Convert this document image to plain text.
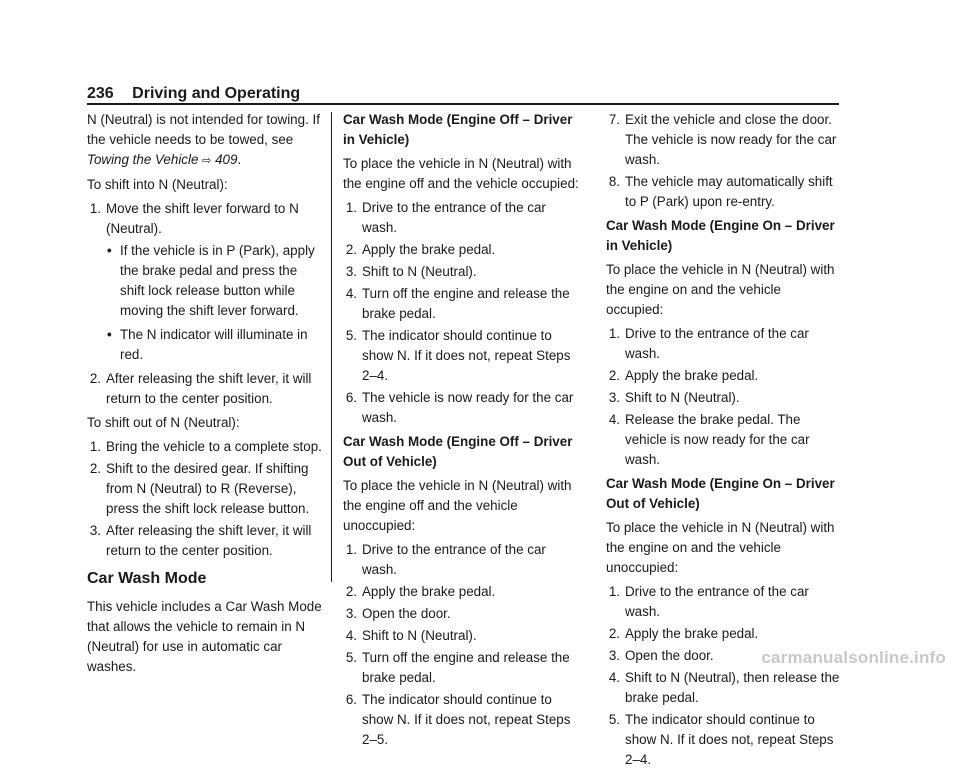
236 Driving and Operating

N (Neutral) is not intended for towing. If the vehicle needs to be towed, see Towing the Vehicle ⇨ 409.

To shift into N (Neutral):

1. Move the shift lever forward to N (Neutral).
• If the vehicle is in P (Park), apply the brake pedal and press the shift lock release button while moving the shift lever forward.
• The N indicator will illuminate in red.
2. After releasing the shift lever, it will return to the center position.

To shift out of N (Neutral):

1. Bring the vehicle to a complete stop.
2. Shift to the desired gear. If shifting from N (Neutral) to R (Reverse), press the shift lock release button.
3. After releasing the shift lever, it will return to the center position.
Car Wash Mode

This vehicle includes a Car Wash Mode that allows the vehicle to remain in N (Neutral) for use in automatic car washes.

Car Wash Mode (Engine Off – Driver in Vehicle)

To place the vehicle in N (Neutral) with the engine off and the vehicle occupied:

1. Drive to the entrance of the car wash.
2. Apply the brake pedal.
3. Shift to N (Neutral).
4. Turn off the engine and release the brake pedal.
5. The indicator should continue to show N. If it does not, repeat Steps 2–4.
6. The vehicle is now ready for the car wash.

Car Wash Mode (Engine Off – Driver Out of Vehicle)

To place the vehicle in N (Neutral) with the engine off and the vehicle unoccupied:

1. Drive to the entrance of the car wash.
2. Apply the brake pedal.
3. Open the door.
4. Shift to N (Neutral).
5. Turn off the engine and release the brake pedal.
6. The indicator should continue to show N. If it does not, repeat Steps 2–5.
7. Exit the vehicle and close the door. The vehicle is now ready for the car wash.
8. The vehicle may automatically shift to P (Park) upon re-entry.

Car Wash Mode (Engine On – Driver in Vehicle)

To place the vehicle in N (Neutral) with the engine on and the vehicle occupied:

1. Drive to the entrance of the car wash.
2. Apply the brake pedal.
3. Shift to N (Neutral).
4. Release the brake pedal. The vehicle is now ready for the car wash.

Car Wash Mode (Engine On – Driver Out of Vehicle)

To place the vehicle in N (Neutral) with the engine on and the vehicle unoccupied:

1. Drive to the entrance of the car wash.
2. Apply the brake pedal.
3. Open the door.
4. Shift to N (Neutral), then release the brake pedal.
5. The indicator should continue to show N. If it does not, repeat Steps 2–4.
carmanualsonline.info
